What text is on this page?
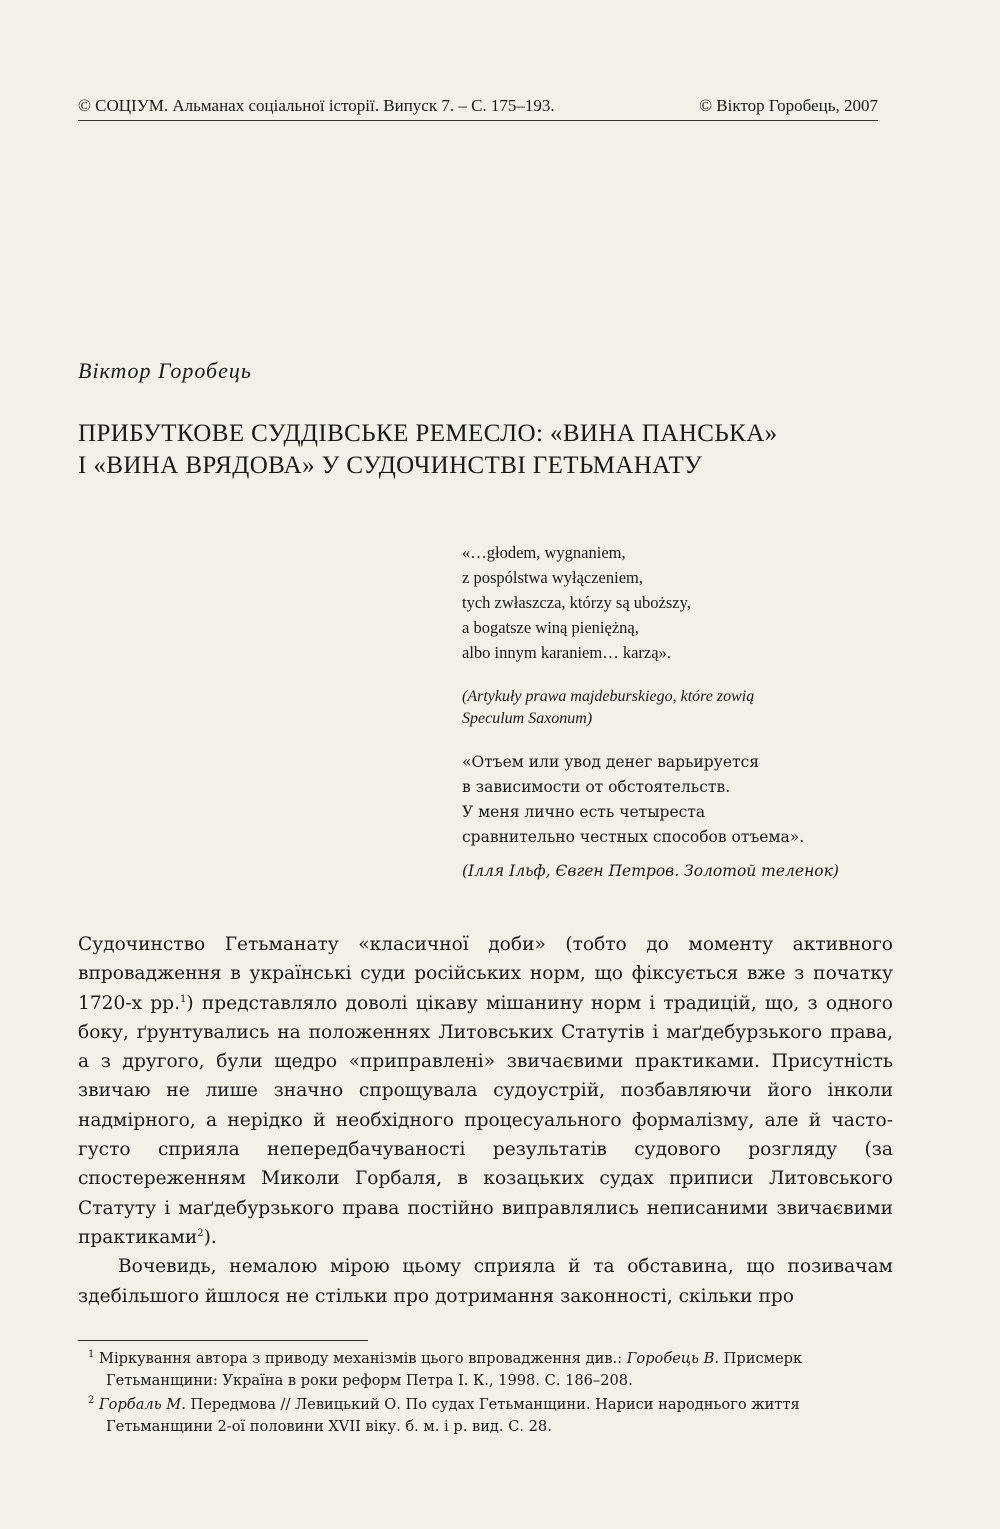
© СОЦІУМ. Альманах соціальної історії. Випуск 7. – С. 175–193.	© Віктор Горобець, 2007
Віктор Горобець
ПРИБУТКОВЕ СУДДІВСЬКЕ РЕМЕСЛО: «ВИНА ПАНСЬКА»
І «ВИНА ВРЯДОВА» У СУДОЧИНСТВІ ГЕТЬМАНАТУ
«…głodem, wygnaniem,
z pospólstwa wyłączeniem,
tych zwłaszcza, którzy są uboższy,
a bogatsze winą pieniężną,
albo innym karaniem… karzą».
(Artykuły prawa majdeburskiego, które zowią
Speculum Saxonum)
«Отъем или увод денег варьируется
в зависимости от обстоятельств.
У меня лично есть четыреста
сравнительно честных способов отъема».
(Ілля Ільф, Євген Петров. Золотой теленок)

Судочинство Гетьманату «класичної доби» (тобто до моменту активного впровадження в українські суди російських норм, що фіксується вже з початку 1720-х рр.$^1$) представляло доволі цікаву мішанину норм і традицій, що, з одного боку, ґрунтувались на положеннях Литовських Статутів і маґдебурзького права, а з другого, були щедро «приправлені» звичаєвими практиками. Присутність звичаю не лише значно спрощувала судоустрій, позбавляючи його інколи надмірного, а нерідко й необхідного процесуального формалізму, але й часто-густо сприяла непередбачуваності результатів судового розгляду (за спостереженням Миколи Горбаля, в козацьких судах приписи Литовського Статуту і маґдебурзького права постійно виправлялись неписаними звичаєвими практиками$^2$).

Вочевидь, немалою мірою цьому сприяла й та обставина, що позивачам здебільшого йшлося не стільки про дотримання законності, скільки про

$^1$ Міркування автора з приводу механізмів цього впровадження див.: Горобець В. Присмерк Гетьманщини: Україна в роки реформ Петра І. К., 1998. С. 186–208.

$^2$ Горбаль М. Передмова // Левицький О. По судах Гетьманщини. Нариси народнього життя Гетьманщини 2-ої половини XVII віку. б. м. і р. вид. С. 28.
